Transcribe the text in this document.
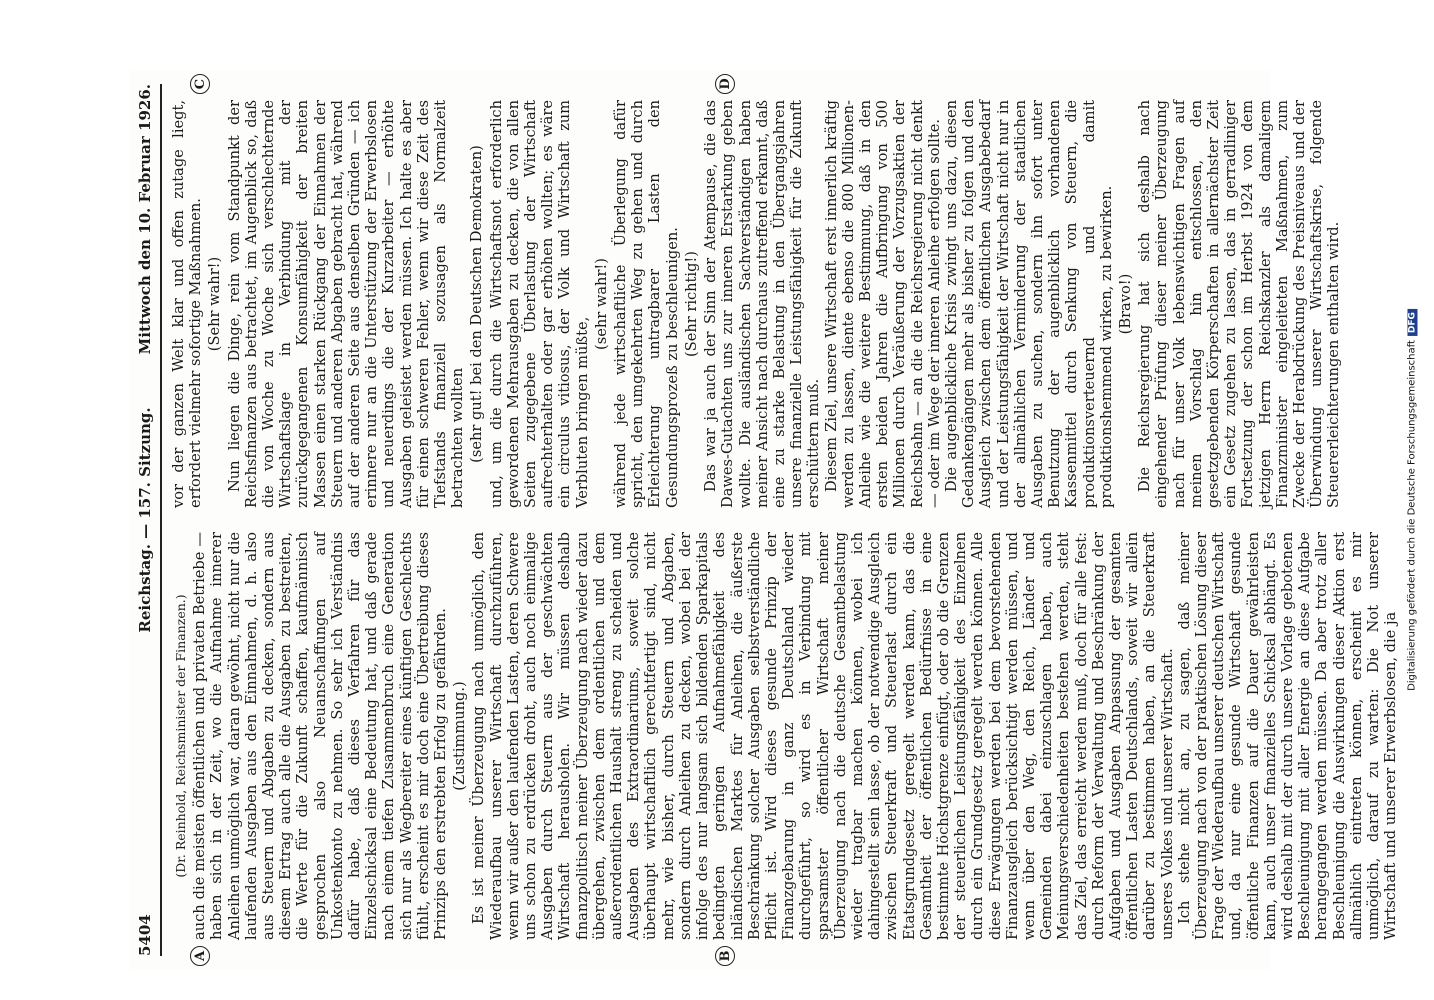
5404
Reichstag. — 157. Sitzung.
Mittwoch den 10. Februar 1926.
A	B
C	D

(Dr. Reinhold, Reichsminister der Finanzen.) auch die meisten öffentlichen und privaten Betriebe — haben sich in der Zeit, wo die Aufnahme innerer Anleihen unmöglich war, daran gewöhnt, nicht nur die laufenden Ausgaben aus den Einnahmen, d. h. also aus Steuern und Abgaben zu decken, sondern aus diesem Ertrag auch alle die Ausgaben zu bestreiten, die Werte für die Zukunft schaffen, kaufmännisch gesprochen also Neuanschaffungen auf Unkostenkonto zu nehmen. So sehr ich Verständnis dafür habe, daß dieses Verfahren für das Einzelschicksal eine Bedeutung hat, und daß gerade nach einem tiefen Zusammenbruch eine Generation sich nur als Wegbereiter eines künftigen Geschlechts fühlt, erscheint es mir doch eine Übertreibung dieses Prinzips den erstrebten Erfolg zu gefährden. (Zustimmung.) Es ist meiner Überzeugung nach unmöglich, den Wiederaufbau unserer Wirtschaft durchzuführen, wenn wir außer den laufenden Lasten, deren Schwere uns schon zu erdrücken droht, auch noch einmalige Ausgaben durch Steuern aus der geschwächten Wirtschaft herausholen. Wir müssen deshalb finanzpolitisch meiner Überzeugung nach wieder dazu übergehen, zwischen dem ordentlichen und dem außerordentlichen Haushalt streng zu scheiden und Ausgaben des Extraordinariums, soweit solche überhaupt wirtschaftlich gerechtfertigt sind, nicht mehr, wie bisher, durch Steuern und Abgaben, sondern durch Anleihen zu decken, wobei bei der infolge des nur langsam sich bildenden Sparkapitals bedingten geringen Aufnahmefähigkeit des inländischen Marktes für Anleihen, die äußerste Beschränkung solcher Ausgaben selbstverständliche Pflicht ist. Wird dieses gesunde Prinzip der Finanzgebarung in ganz Deutschland wieder durchgeführt, so wird es in Verbindung mit sparsamster öffentlicher Wirtschaft meiner Überzeugung nach die deutsche Gesamtbelastung wieder tragbar machen können, wobei ich dahingestellt sein lasse, ob der notwendige Ausgleich zwischen Steuerkraft und Steuerlast durch ein Etatsgrundgesetz geregelt werden kann, das die Gesamtheit der öffentlichen Bedürfnisse in eine bestimmte Höchstgrenze einfügt, oder ob die Grenzen der steuerlichen Leistungsfähigkeit des Einzelnen durch ein Grundgesetz geregelt werden können. Alle diese Erwägungen werden bei dem bevorstehenden Finanzausgleich berücksichtigt werden müssen, und wenn über den Weg, den Reich, Länder und Gemeinden dabei einzuschlagen haben, auch Meinungsverschiedenheiten bestehen werden, steht das Ziel, das erreicht werden muß, doch für alle fest: durch Reform der Verwaltung und Beschränkung der Aufgaben und Ausgaben Anpassung der gesamten öffentlichen Lasten Deutschlands, soweit wir allein darüber zu bestimmen haben, an die Steuerkraft unseres Volkes und unserer Wirtschaft. Ich stehe nicht an, zu sagen, daß meiner Überzeugung nach von der praktischen Lösung dieser Frage der Wiederaufbau unserer deutschen Wirtschaft und, da nur eine gesunde Wirtschaft gesunde öffentliche Finanzen auf die Dauer gewährleisten kann, auch unser finanzielles Schicksal abhängt. Es wird deshalb mit der durch unsere Vorlage gebotenen Beschleunigung mit aller Energie an diese Aufgabe herangegangen werden müssen. Da aber trotz aller Beschleunigung die Auswirkungen dieser Aktion erst allmählich eintreten können, erscheint es mir unmöglich, darauf zu warten: Die Not unserer Wirtschaft und unserer Erwerbslosen, die ja

vor der ganzen Welt klar und offen zutage liegt, erfordert vielmehr sofortige Maßnahmen. (Sehr wahr!) Nun liegen die Dinge, rein vom Standpunkt der Reichsfinanzen aus betrachtet, im Augenblick so, daß die von Woche zu Woche sich verschlechternde Wirtschaftslage in Verbindung mit der zurückgegangenen Konsumfähigkeit der breiten Massen einen starken Rückgang der Einnahmen der Steuern und anderen Abgaben gebracht hat, während auf der anderen Seite aus denselben Gründen — ich erinnere nur an die Unterstützung der Erwerbslosen und neuerdings die der Kurzarbeiter — erhöhte Ausgaben geleistet werden müssen. Ich halte es aber für einen schweren Fehler, wenn wir diese Zeit des Tiefstands finanziell sozusagen als Normalzeit betrachten wollten (sehr gut! bei den Deutschen Demokraten) und, um die durch die Wirtschaftsnot erforderlich gewordenen Mehrausgaben zu decken, die von allen Seiten zugegebene Überlastung der Wirtschaft aufrechterhalten oder gar erhöhen wollten; es wäre ein circulus vitiosus, der Volk und Wirtschaft zum Verbluten bringen müßte,

(sehr wahr!) während jede wirtschaftliche Überlegung dafür spricht, den umgekehrten Weg zu gehen und durch Erleichterung untragbarer Lasten den Gesundungsprozeß zu beschleunigen. (Sehr richtig!) Das war ja auch der Sinn der Atempause, die das Dawes-Gutachten uns zur inneren Erstarkung geben wollte. Die ausländischen Sachverständigen haben meiner Ansicht nach durchaus zutreffend erkannt, daß eine zu starke Belastung in den Übergangsjahren unsere finanzielle Leistungsfähigkeit für die Zukunft erschüttern muß. Diesem Ziel, unsere Wirtschaft erst innerlich kräftig werden zu lassen, diente ebenso die 800 Millionen-Anleihe wie die weitere Bestimmung, daß in den ersten beiden Jahren die Aufbringung von 500 Millionen durch Veräußerung der Vorzugsaktien der Reichsbahn — an die die Reichsregierung nicht denkt — oder im Wege der inneren Anleihe erfolgen sollte. Die augenblickliche Krisis zwingt uns dazu, diesen Gedankengängen mehr als bisher zu folgen und den Ausgleich zwischen dem öffentlichen Ausgabebedarf und der Leistungsfähigkeit der Wirtschaft nicht nur in der allmählichen Verminderung der staatlichen Ausgaben zu suchen, sondern ihn sofort unter Benutzung der augenblicklich vorhandenen Kassenmittel durch Senkung von Steuern, die produktionsverteuernd und damit produktionshemmend wirken, zu bewirken. (Bravo!) Die Reichsregierung hat sich deshalb nach eingehender Prüfung dieser meiner Überzeugung nach für unser Volk lebenswichtigen Fragen auf meinen Vorschlag hin entschlossen, den gesetzgebenden Körperschaften in allernächster Zeit ein Gesetz zugehen zu lassen, das in gerradliniger Fortsetzung der schon im Herbst 1924 von dem jetzigen Herrn Reichskanzler als damaligem Finanzminister eingeleiteten Maßnahmen, zum Zwecke der Herabdrückung des Preisniveaus und der Überwindung unserer Wirtschaftskrise, folgende Steuererleichterungen enthalten wird.	Digitalisierung gefördert durch die Deutsche ForschungsgemeinschaftDFG
